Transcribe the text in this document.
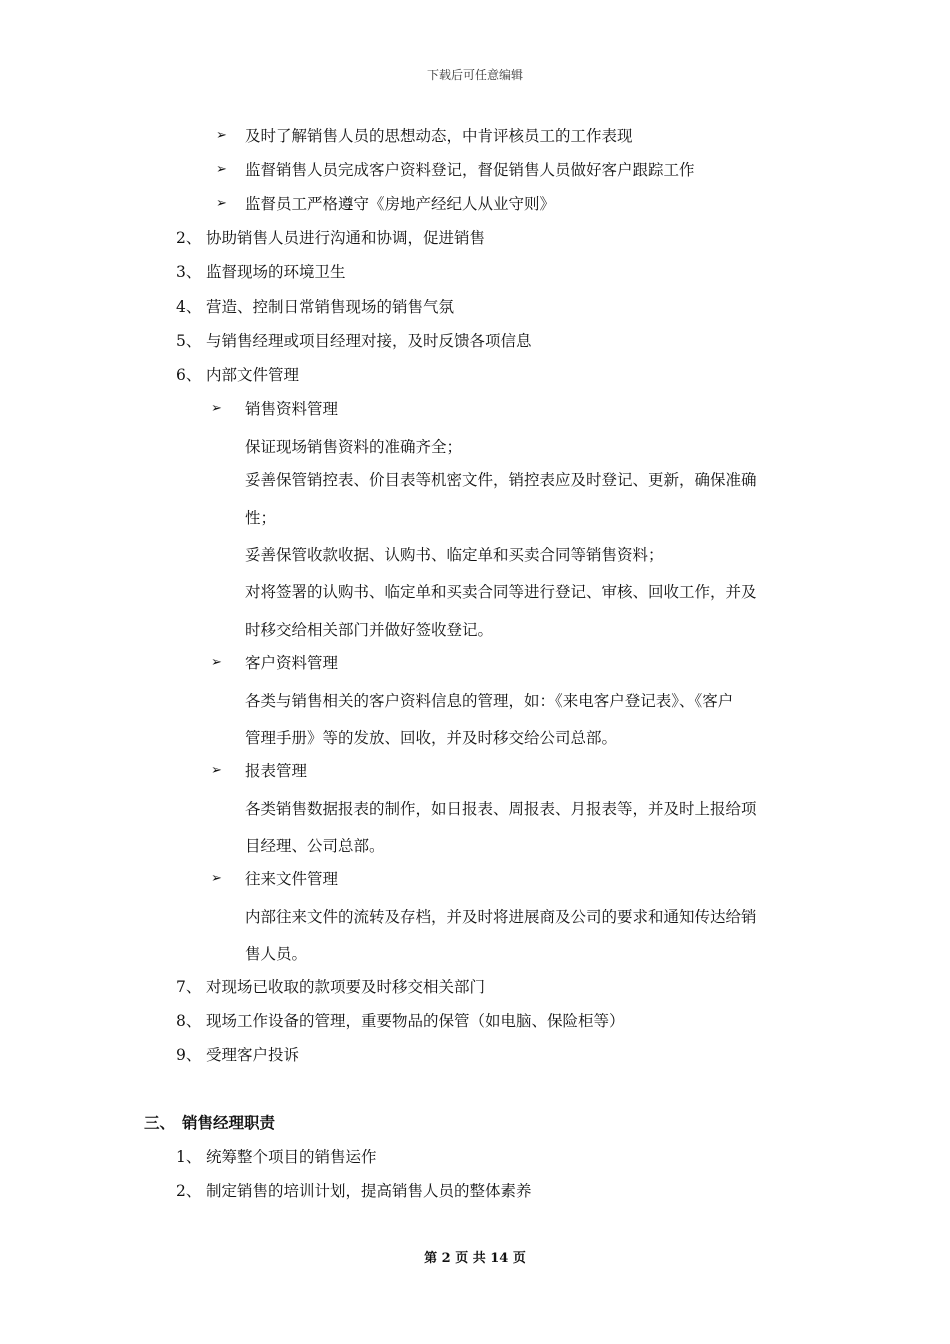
下载后可任意编辑
➢ 及时了解销售人员的思想动态，中肯评核员工的工作表现
➢ 监督销售人员完成客户资料登记，督促销售人员做好客户跟踪工作
➢ 监督员工严格遵守《房地产经纪人从业守则》
2、 协助销售人员进行沟通和协调，促进销售
3、 监督现场的环境卫生
4、 营造、控制日常销售现场的销售气氛
5、 与销售经理或项目经理对接，及时反馈各项信息
6、 内部文件管理
➢ 销售资料管理
保证现场销售资料的准确齐全；
妥善保管销控表、价目表等机密文件，销控表应及时登记、更新，确保准确
性；
妥善保管收款收据、认购书、临定单和买卖合同等销售资料；
对将签署的认购书、临定单和买卖合同等进行登记、审核、回收工作，并及
时移交给相关部门并做好签收登记。
➢ 客户资料管理
各类与销售相关的客户资料信息的管理，如：《来电客户登记表》、《客户
管理手册》等的发放、回收，并及时移交给公司总部。
➢ 报表管理
各类销售数据报表的制作，如日报表、周报表、月报表等，并及时上报给项
目经理、公司总部。
➢ 往来文件管理
内部往来文件的流转及存档，并及时将进展商及公司的要求和通知传达给销
售人员。
7、 对现场已收取的款项要及时移交相关部门
8、 现场工作设备的管理，重要物品的保管（如电脑、保险柜等）
9、 受理客户投诉
三、 销售经理职责
1、 统筹整个项目的销售运作
2、 制定销售的培训计划，提高销售人员的整体素养
第 2 页 共 14 页
